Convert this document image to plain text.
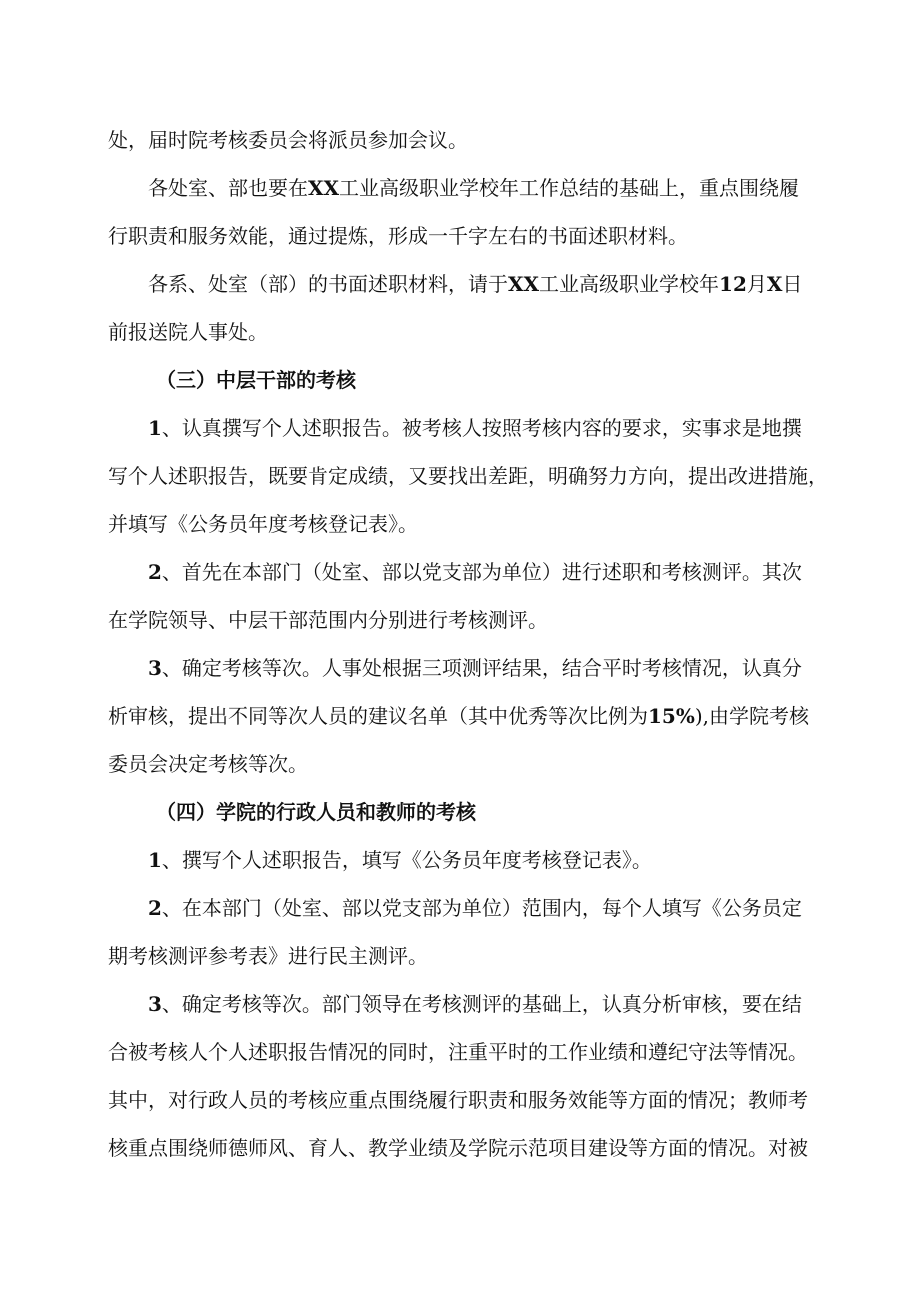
处，届时院考核委员会将派员参加会议。

各处室、部也要在XX工业高级职业学校年工作总结的基础上，重点围绕履

行职责和服务效能，通过提炼，形成一千字左右的书面述职材料。

各系、处室（部）的书面述职材料，请于XX工业高级职业学校年12月X日

前报送院人事处。

（三）中层干部的考核

1、认真撰写个人述职报告。被考核人按照考核内容的要求，实事求是地撰

写个人述职报告，既要肯定成绩，又要找出差距，明确努力方向，提出改进措施，

并填写《公务员年度考核登记表》。

2、首先在本部门（处室、部以党支部为单位）进行述职和考核测评。其次

在学院领导、中层干部范围内分别进行考核测评。

3、确定考核等次。人事处根据三项测评结果，结合平时考核情况，认真分

析审核，提出不同等次人员的建议名单（其中优秀等次比例为15%),由学院考核

委员会决定考核等次。

（四）学院的行政人员和教师的考核

1、撰写个人述职报告，填写《公务员年度考核登记表》。

2、在本部门（处室、部以党支部为单位）范围内，每个人填写《公务员定

期考核测评参考表》进行民主测评。

3、确定考核等次。部门领导在考核测评的基础上，认真分析审核，要在结

合被考核人个人述职报告情况的同时，注重平时的工作业绩和遵纪守法等情况。

其中，对行政人员的考核应重点围绕履行职责和服务效能等方面的情况；教师考

核重点围绕师德师风、育人、教学业绩及学院示范项目建设等方面的情况。对被
